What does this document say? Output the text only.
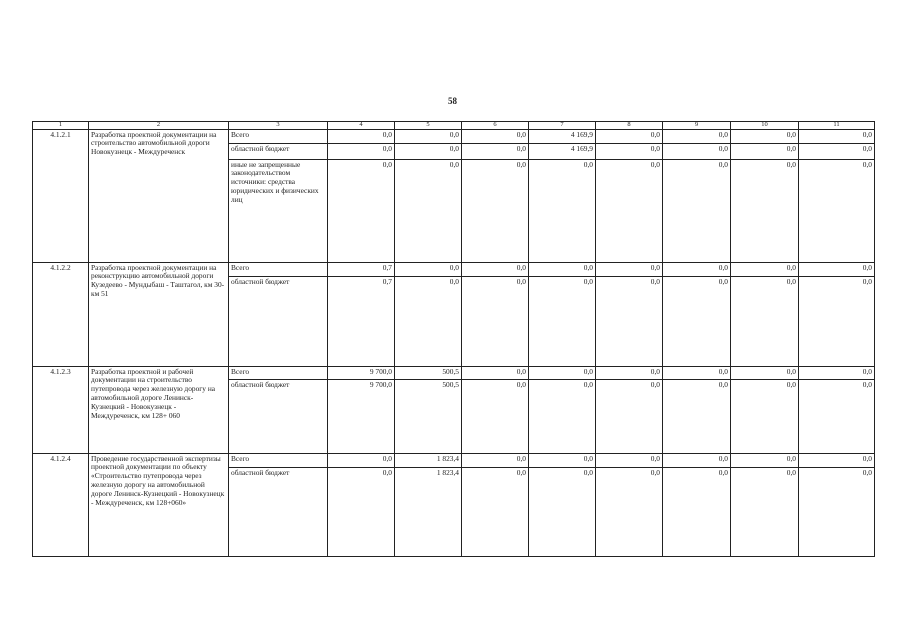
58
1	2	3	4	5	6	7	8	9	10	11
4.1.2.1	Разработка проектной документации на строительство автомобильной дороги Новокузнецк - Междуреченск	Всего	0,0	0,0	0,0	4 169,9	0,0	0,0	0,0	0,0
		областной бюджет	0,0	0,0	0,0	4 169,9	0,0	0,0	0,0	0,0
		иные не запрещенные законодательством источники: средства юридических и физических лиц	0,0	0,0	0,0	0,0	0,0	0,0	0,0	0,0
4.1.2.2	Разработка проектной документации на реконструкцию автомобильной дороги Кузедеево - Мундыбаш - Таштагол, км 30-км 51	Всего	0,7	0,0	0,0	0,0	0,0	0,0	0,0	0,0
		областной бюджет	0,7	0,0	0,0	0,0	0,0	0,0	0,0	0,0
4.1.2.3	Разработка проектной и рабочей документации на строительство путепровода через железную дорогу на автомобильной дороге Ленинск-Кузнецкий - Новокузнецк - Междуреченск, км 128+ 060	Всего	9 700,0	500,5	0,0	0,0	0,0	0,0	0,0	0,0
		областной бюджет	9 700,0	500,5	0,0	0,0	0,0	0,0	0,0	0,0
4.1.2.4	Проведение государственной экспертизы проектной документации по объекту «Строительство путепровода через железную дорогу на автомобильной дороге Ленинск-Кузнецкий - Новокузнецк - Междуреченск, км 128+060»	Всего	0,0	1 823,4	0,0	0,0	0,0	0,0	0,0	0,0
		областной бюджет	0,0	1 823,4	0,0	0,0	0,0	0,0	0,0	0,0
